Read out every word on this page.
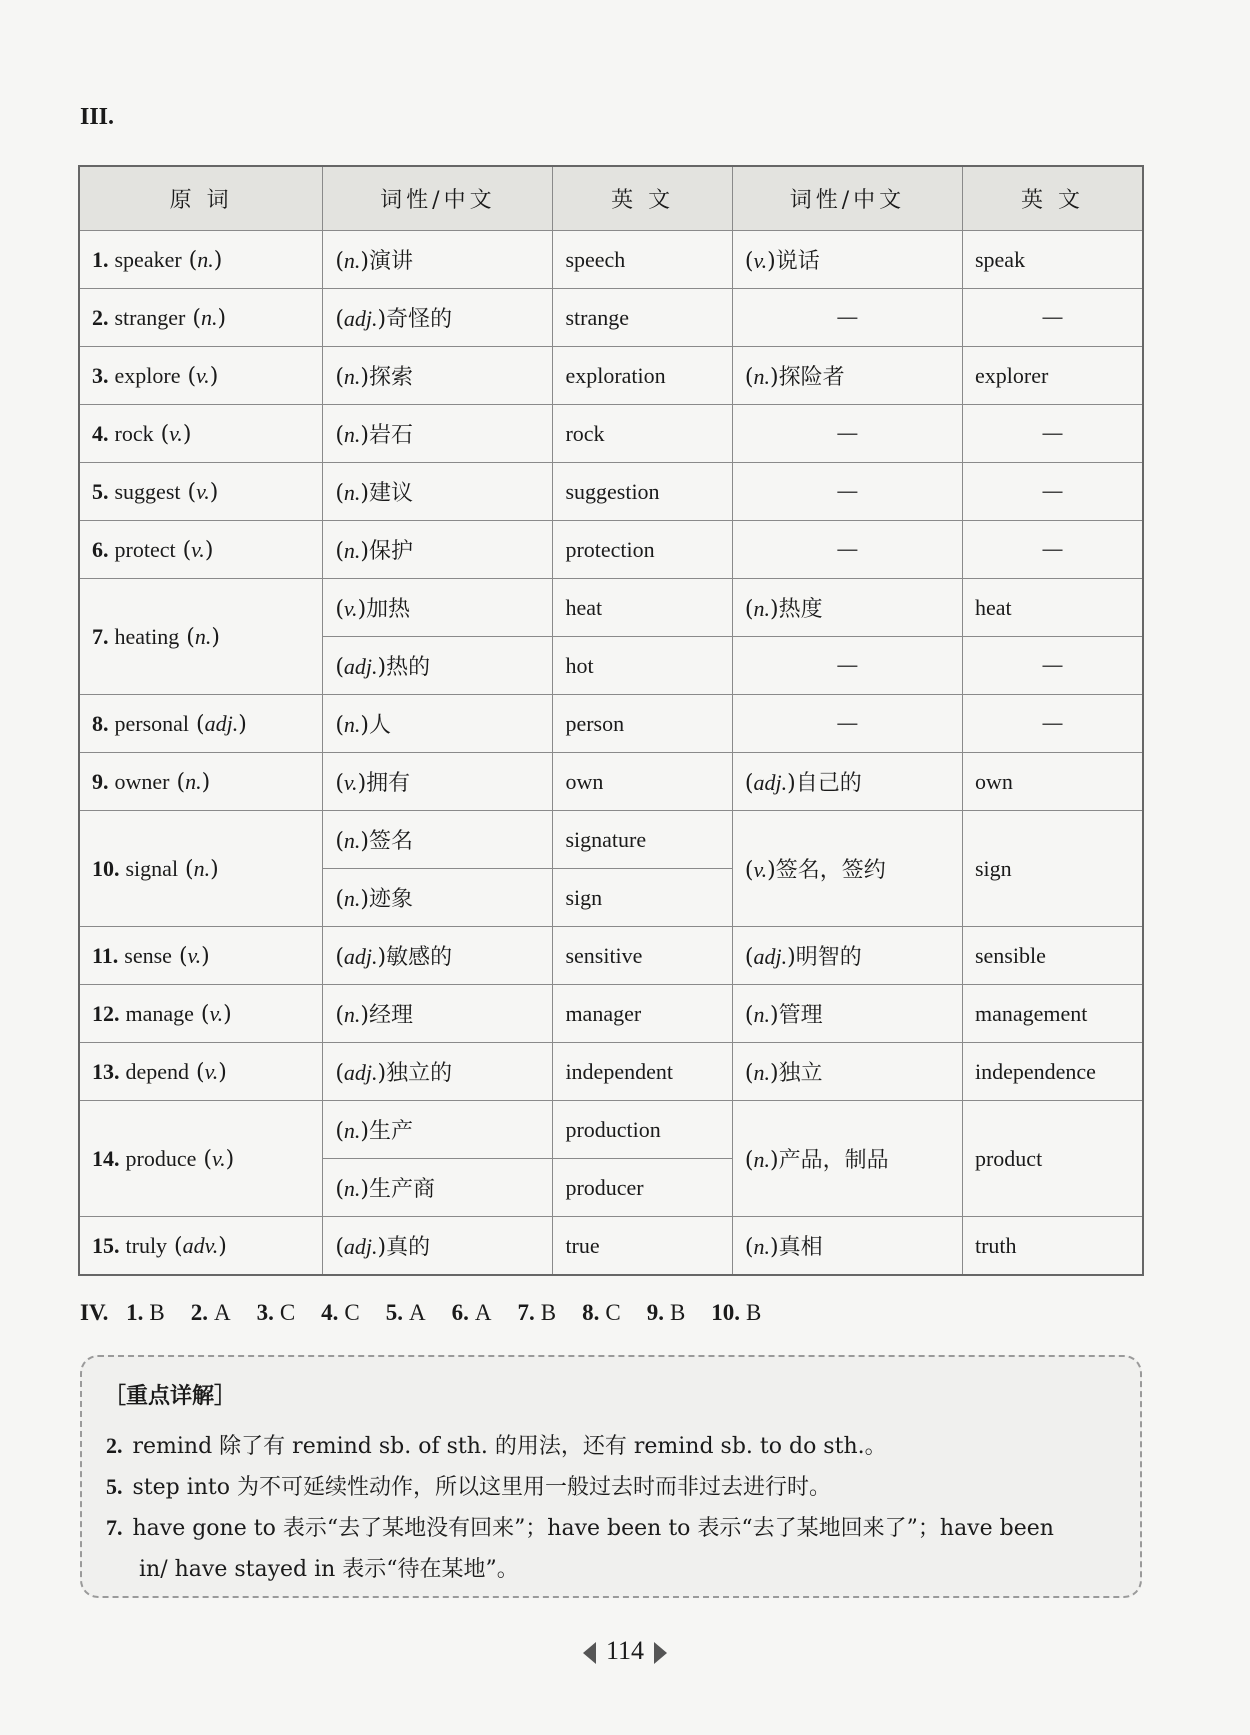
III.
原 词	词性/中文	英 文	词性/中文	英 文
1. speaker (n.)	(n.)演讲	speech	(v.)说话	speak
2. stranger (n.)	(adj.)奇怪的	strange	—	—
3. explore (v.)	(n.)探索	exploration	(n.)探险者	explorer
4. rock (v.)	(n.)岩石	rock	—	—
5. suggest (v.)	(n.)建议	suggestion	—	—
6. protect (v.)	(n.)保护	protection	—	—
7. heating (n.)	(v.)加热	heat	(n.)热度	heat
	(adj.)热的	hot	—	—
8. personal (adj.)	(n.)人	person	—	—
9. owner (n.)	(v.)拥有	own	(adj.)自己的	own
10. signal (n.)	(n.)签名	signature	(v.)签名，签约	sign
	(n.)迹象	sign		
11. sense (v.)	(adj.)敏感的	sensitive	(adj.)明智的	sensible
12. manage (v.)	(n.)经理	manager	(n.)管理	management
13. depend (v.)	(adj.)独立的	independent	(n.)独立	independence
14. produce (v.)	(n.)生产	production	(n.)产品，制品	product
	(n.)生产商	producer		
15. truly (adv.)	(adj.)真的	true	(n.)真相	truth
IV. 1. B 2. A 3. C 4. C 5. A 6. A 7. B 8. C 9. B 10. B
［重点详解］
2. remind 除了有 remind sb. of sth. 的用法，还有 remind sb. to do sth.。
5. step into 为不可延续性动作，所以这里用一般过去时而非过去进行时。
7. have gone to 表示“去了某地没有回来”；have been to 表示“去了某地回来了”；have been
in/ have stayed in 表示“待在某地”。
114
